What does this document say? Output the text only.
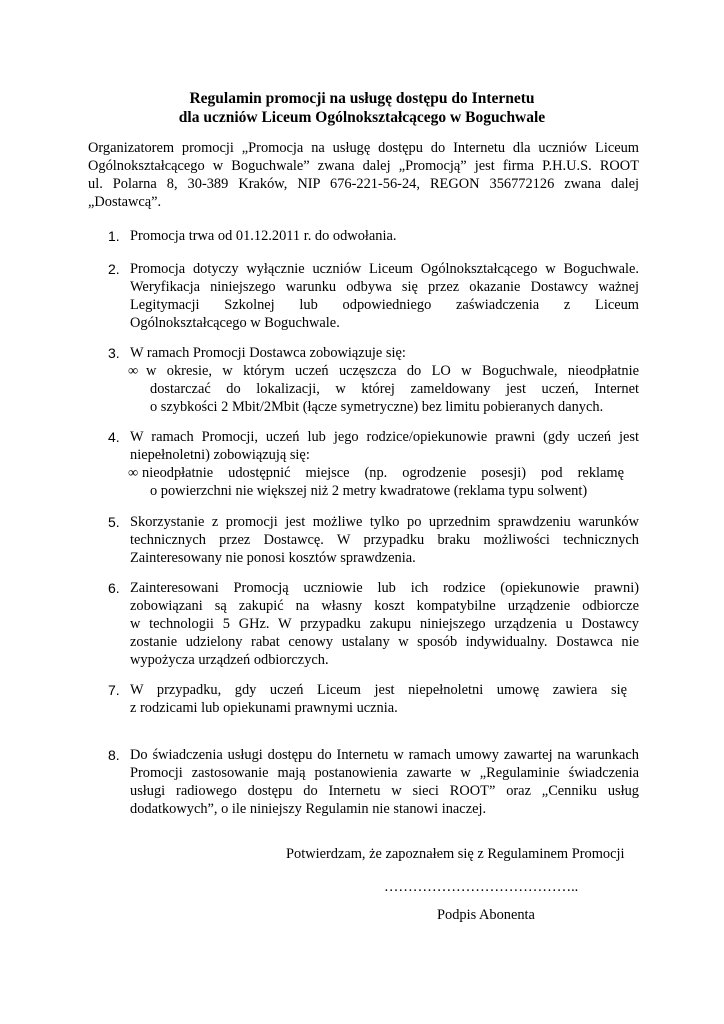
Regulamin promocji na usługę dostępu do Internetu
dla uczniów Liceum Ogólnokształcącego w Boguchwale
Organizatorem promocji „Promocja na usługę dostępu do Internetu dla uczniów Liceum
Ogólnokształcącego w Boguchwale” zwana dalej „Promocją” jest firma P.H.U.S. ROOT
ul. Polarna 8, 30-389 Kraków, NIP 676-221-56-24, REGON 356772126 zwana dalej
„Dostawcą”.
1. Promocja trwa od 01.12.2011 r. do odwołania.
2. Promocja dotyczy wyłącznie uczniów Liceum Ogólnokształcącego w Boguchwale.
Weryfikacja niniejszego warunku odbywa się przez okazanie Dostawcy ważnej
Legitymacji Szkolnej lub odpowiedniego zaświadczenia z Liceum
Ogólnokształcącego w Boguchwale.
3. W ramach Promocji Dostawca zobowiązuje się:
∞ w okresie, w którym uczeń uczęszcza do LO w Boguchwale, nieodpłatnie
dostarczać do lokalizacji, w której zameldowany jest uczeń, Internet
o szybkości 2 Mbit/2Mbit (łącze symetryczne) bez limitu pobieranych danych.
4. W ramach Promocji, uczeń lub jego rodzice/opiekunowie prawni (gdy uczeń jest
niepełnoletni) zobowiązują się:
∞ nieodpłatnie udostępnić miejsce (np. ogrodzenie posesji) pod reklamę
o powierzchni nie większej niż 2 metry kwadratowe (reklama typu solwent)
5. Skorzystanie z promocji jest możliwe tylko po uprzednim sprawdzeniu warunków
technicznych przez Dostawcę. W przypadku braku możliwości technicznych
Zainteresowany nie ponosi kosztów sprawdzenia.
6. Zainteresowani Promocją uczniowie lub ich rodzice (opiekunowie prawni)
zobowiązani są zakupić na własny koszt kompatybilne urządzenie odbiorcze
w technologii 5 GHz. W przypadku zakupu niniejszego urządzenia u Dostawcy
zostanie udzielony rabat cenowy ustalany w sposób indywidualny. Dostawca nie
wypożycza urządzeń odbiorczych.
7. W przypadku, gdy uczeń Liceum jest niepełnoletni umowę zawiera się
z rodzicami lub opiekunami prawnymi ucznia.
8. Do świadczenia usługi dostępu do Internetu w ramach umowy zawartej na warunkach
Promocji zastosowanie mają postanowienia zawarte w „Regulaminie świadczenia
usługi radiowego dostępu do Internetu w sieci ROOT” oraz „Cenniku usług
dodatkowych”, o ile niniejszy Regulamin nie stanowi inaczej.
Potwierdzam, że zapoznałem się z Regulaminem Promocji
…………………………………..
Podpis Abonenta
